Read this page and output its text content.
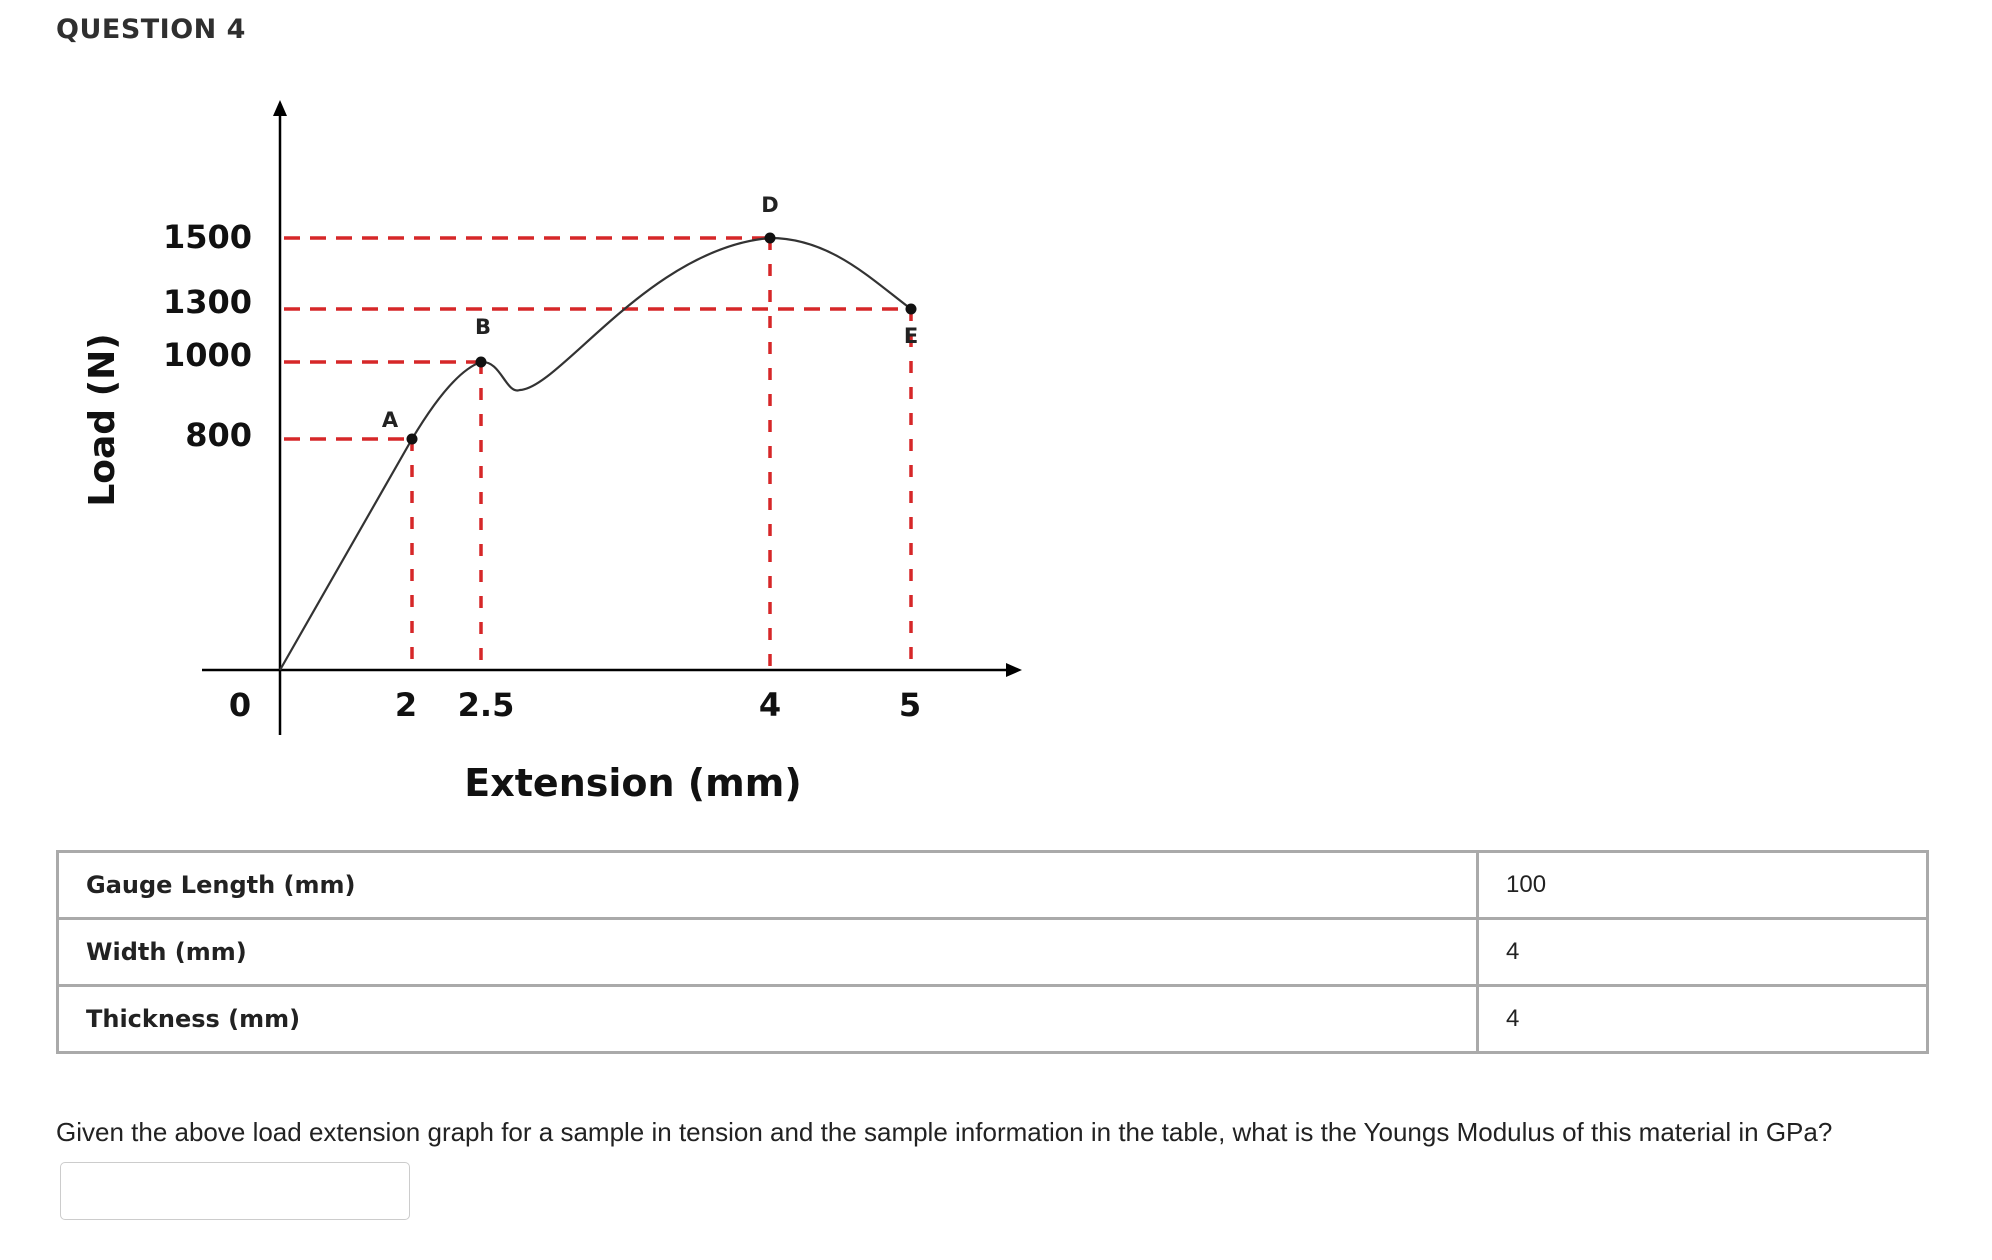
QUESTION 4
A
B
D
E
0	2 2.5	4	5
1500
1300
1000
800
Extension (mm)
Load (N)
Gauge Length (mm)	100
Width (mm)	4
Thickness (mm)	4
Given the above load extension graph for a sample in tension and the sample information in the table, what is the Youngs Modulus of this material in GPa?
